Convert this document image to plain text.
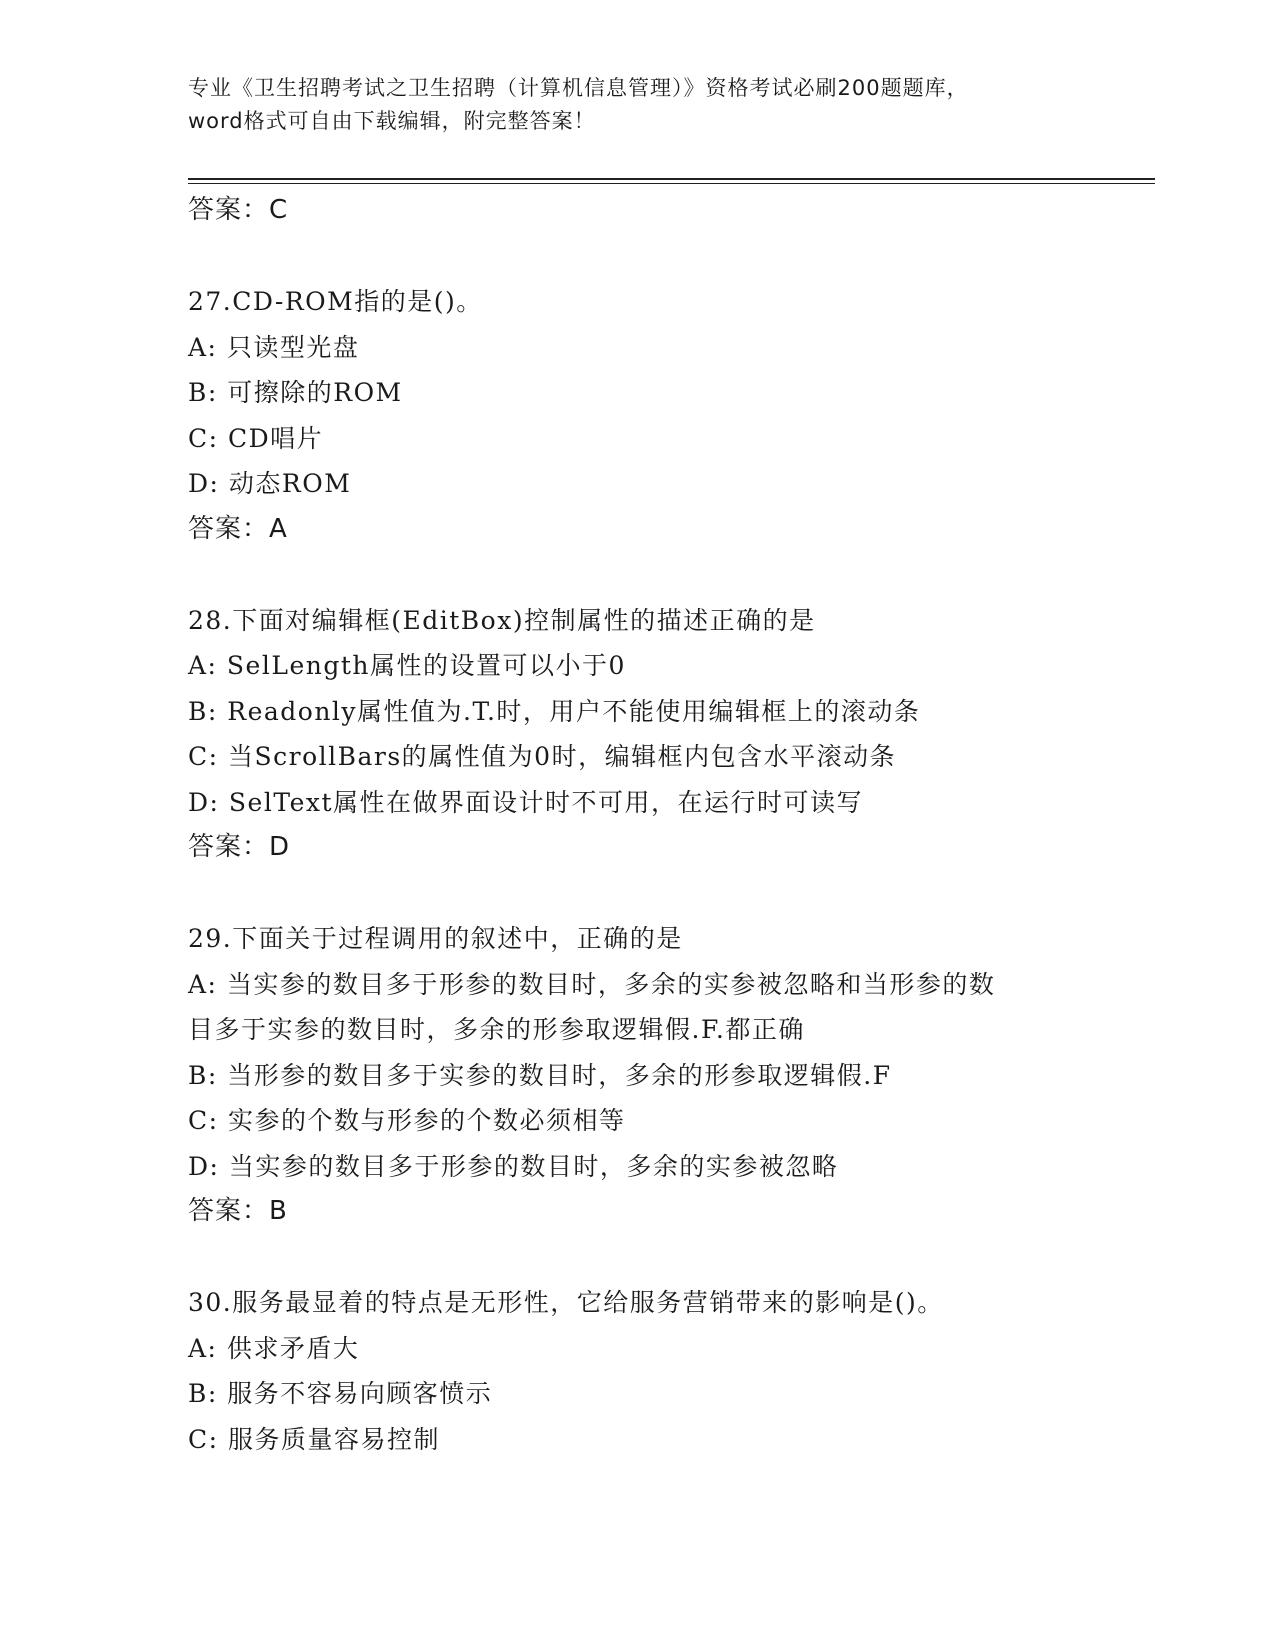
专业《卫生招聘考试之卫生招聘（计算机信息管理）》资格考试必刷200题题库，
word格式可自由下载编辑，附完整答案！
答案：C
27.CD-ROM指的是()。
A: 只读型光盘
B: 可擦除的ROM
C: CD唱片
D: 动态ROM
答案：A
28.下面对编辑框(EditBox)控制属性的描述正确的是
A: SelLength属性的设置可以小于0
B: Readonly属性值为.T.时，用户不能使用编辑框上的滚动条
C: 当ScrollBars的属性值为0时，编辑框内包含水平滚动条
D: SelText属性在做界面设计时不可用，在运行时可读写
答案：D
29.下面关于过程调用的叙述中，正确的是
A: 当实参的数目多于形参的数目时，多余的实参被忽略和当形参的数
目多于实参的数目时，多余的形参取逻辑假.F.都正确
B: 当形参的数目多于实参的数目时，多余的形参取逻辑假.F
C: 实参的个数与形参的个数必须相等
D: 当实参的数目多于形参的数目时，多余的实参被忽略
答案：B
30.服务最显着的特点是无形性，它给服务营销带来的影响是()。
A: 供求矛盾大
B: 服务不容易向顾客愤示
C: 服务质量容易控制
